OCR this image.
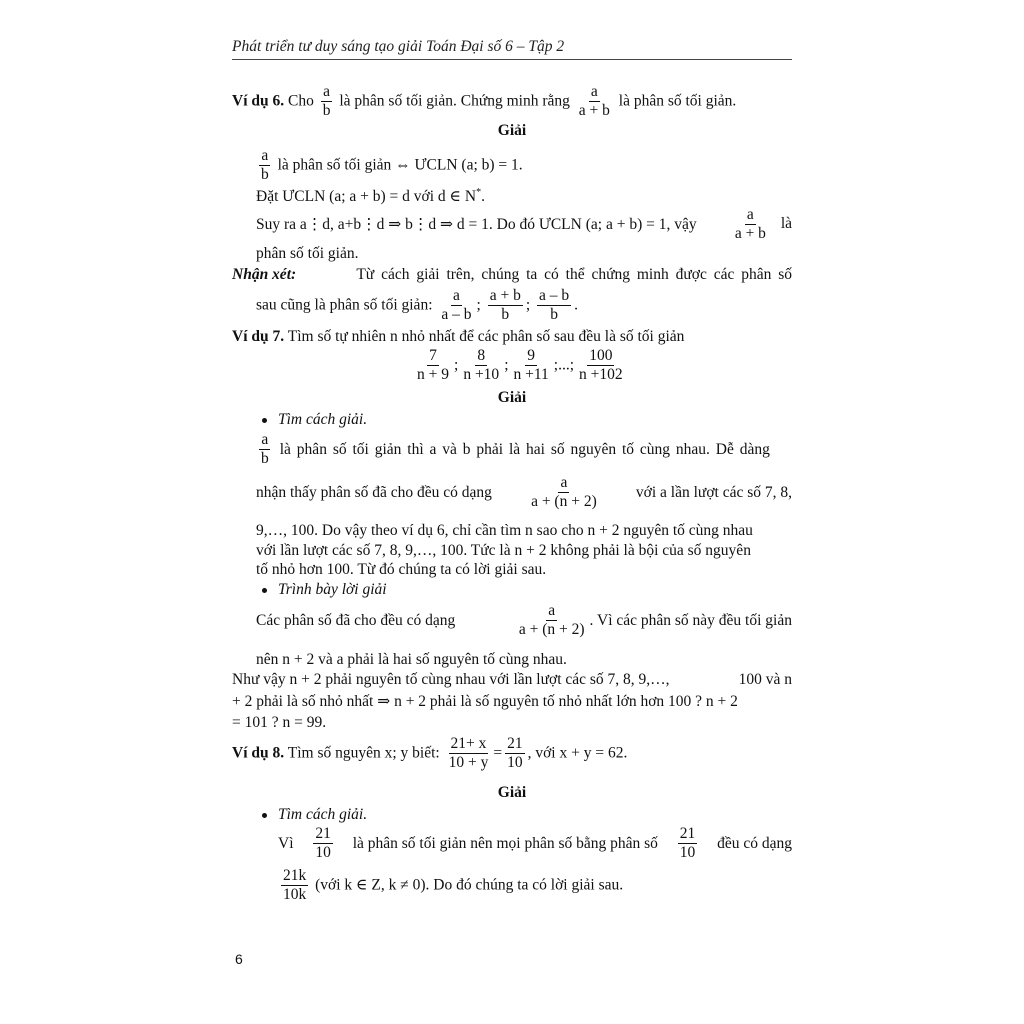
Phát triển tư duy sáng tạo giải Toán Đại số 6 – Tập 2
Ví dụ 6. Cho $\frac{a}{b}$ là phân số tối giản. Chứng minh rằng $\frac{a}{a + b}$ là phân số tối giản.
Giải
$\frac{a}{b}$ là phân số tối giản ⇔ ƯCLN (a; b) = 1.
Đặt ƯCLN (a; a + b) = d với d ∈ N*.
Suy ra a⋮d, a+b⋮d ⇒ b⋮d ⇒ d = 1. Do đó ƯCLN (a; a + b) = 1, vậy $\frac{a}{a + b}$ là
phân số tối giản.
Nhận xét:	Từ cách giải trên, chúng ta có thể chứng minh được các phân số
sau cũng là phân số tối giản: $\frac{a}{a - b}$ ; $\frac{a + b}{b}$ ; $\frac{a - b}{b}$ .
Ví dụ 7. Tìm số tự nhiên n nhỏ nhất để các phân số sau đều là số tối giản
$\frac{7}{n + 9}$ ; $\frac{8}{n +10}$ ; $\frac{9}{n +11}$ ;...; $\frac{100}{n +102}$
Giải
Tìm cách giải.
$\frac{a}{b}$ là phân số tối giản thì a và b phải là hai số nguyên tố cùng nhau. Dễ dàng
nhận thấy phân số đã cho đều có dạng $\frac{a}{a + (n + 2)}$ với a lần lượt các số 7, 8,
9,…, 100. Do vậy theo ví dụ 6, chỉ cần tìm n sao cho n + 2 nguyên tố cùng nhau
với lần lượt các số 7, 8, 9,…, 100. Tức là n + 2 không phải là bội của số nguyên
tố nhỏ hơn 100. Từ đó chúng ta có lời giải sau.
Trình bày lời giải
Các phân số đã cho đều có dạng	$\frac{a}{a + (n + 2)}$ . Vì các phân số này đều tối giản
nên n + 2 và a phải là hai số nguyên tố cùng nhau.
Như vậy n + 2 phải nguyên tố cùng nhau với lần lượt các số 7, 8, 9,…,	100 và n
+ 2 phải là số nhỏ nhất ⇒ n + 2 phải là số nguyên tố nhỏ nhất lớn hơn 100 ? n + 2
= 101 ? n = 99.
Ví dụ 8. Tìm số nguyên x; y biết: $\frac{21+ x}{10 + y} = \frac{21}{10}$ , với x + y = 62.
Giải
Tìm cách giải.
Vì $\frac{21}{10}$ là phân số tối giản nên mọi phân số bằng phân số $\frac{21}{10}$ đều có dạng
$\frac{21k}{10k}$ (với k ∈ Z, k ≠ 0). Do đó chúng ta có lời giải sau.
6
